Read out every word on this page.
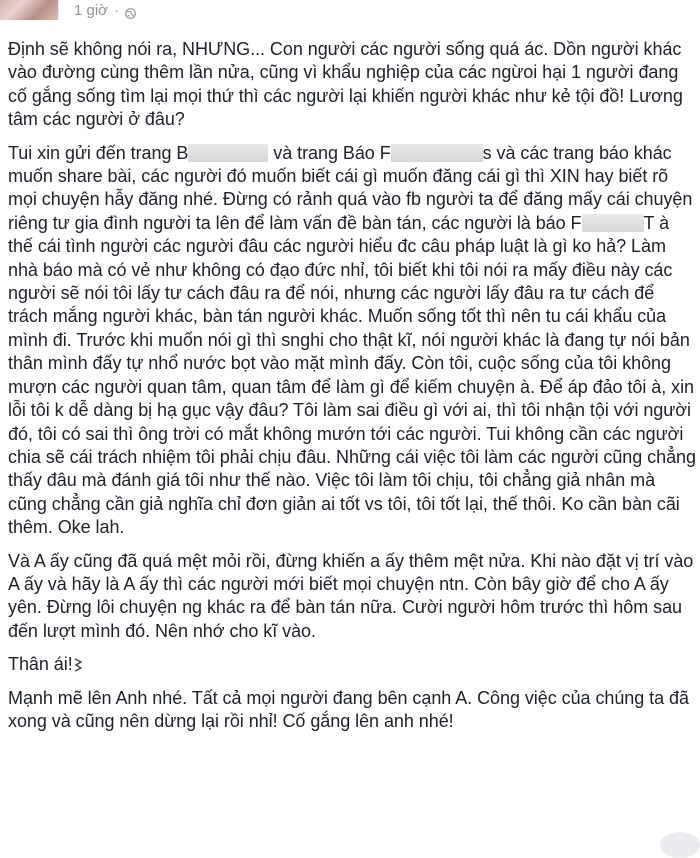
1 giờ ·

Định sẽ không nói ra, NHƯNG... Con người các người sống quá ác. Dồn người khác vào đường cùng thêm lần nửa, cũng vì khẩu nghiệp của các ngừoi hại 1 người đang cố gắng sống tìm lại mọi thứ thì các người lại khiến người khác như kẻ tội đồ! Lương tâm các người ở đâu?

Tui xin gửi đến trang B	và trang Báo F	s và các trang báo khác muốn share bài, các người đó muốn biết cái gì muốn đăng cái gì thì XIN hay biết rõ mọi chuyện hẫy đăng nhé. Đừng có rảnh quá vào fb người ta để đăng mấy cái chuyện riêng tư gia đình người ta lên để làm vấn đề bàn tán, các người là báo F	T à thế cái tình người các người đâu các người hiểu đc câu pháp luật là gì ko hả? Làm nhà báo mà có vẻ như không có đạo đức nhỉ, tôi biết khi tôi nói ra mấy điều này các người sẽ nói tôi lấy tư cách đâu ra để nói, nhưng các người lấy đâu ra tư cách để trách mắng người khác, bàn tán người khác. Muốn sống tốt thì nên tu cái khẩu của mình đi. Trước khi muốn nói gì thì snghi cho thật kĩ, nói người khác là đang tự nói bản thân mình đấy tự nhổ nước bọt vào mặt mình đấy. Còn tôi, cuộc sống của tôi không mượn các người quan tâm, quan tâm để làm gì để kiếm chuyện à. Để áp đảo tôi à, xin lỗi tôi k dễ dàng bị hạ gục vậy đâu? Tôi làm sai điều gì với ai, thì tôi nhận tội với người đó, tôi có sai thì ông trời có mắt không mướn tới các người. Tui không cần các người chia sẽ cái trách nhiệm tôi phải chịu đâu. Những cái việc tôi làm các người cũng chẳng thấy đâu mà đánh giá tôi như thế nào. Việc tôi làm tôi chịu, tôi chẳng giả nhân mà cũng chẳng cần giả nghĩa chỉ đơn giản ai tốt vs tôi, tôi tốt lại, thế thôi. Ko cần bàn cãi thêm. Oke lah.

Và A ấy cũng đã quá mệt mỏi rồi, đừng khiến a ấy thêm mệt nửa. Khi nào đặt vị trí vào A ấy và hãy là A ấy thì các người mới biết mọi chuyện ntn. Còn bây giờ để cho A ấy yên. Đừng lôi chuyện ng khác ra để bàn tán nữa. Cười người hôm trước thì hôm sau đến lượt mình đó. Nên nhớ cho kĩ vào.

Thân ái!

Mạnh mẽ lên Anh nhé. Tất cả mọi người đang bên cạnh A. Công việc của chúng ta đã xong và cũng nên dừng lại rồi nhỉ! Cố gắng lên anh nhé!
